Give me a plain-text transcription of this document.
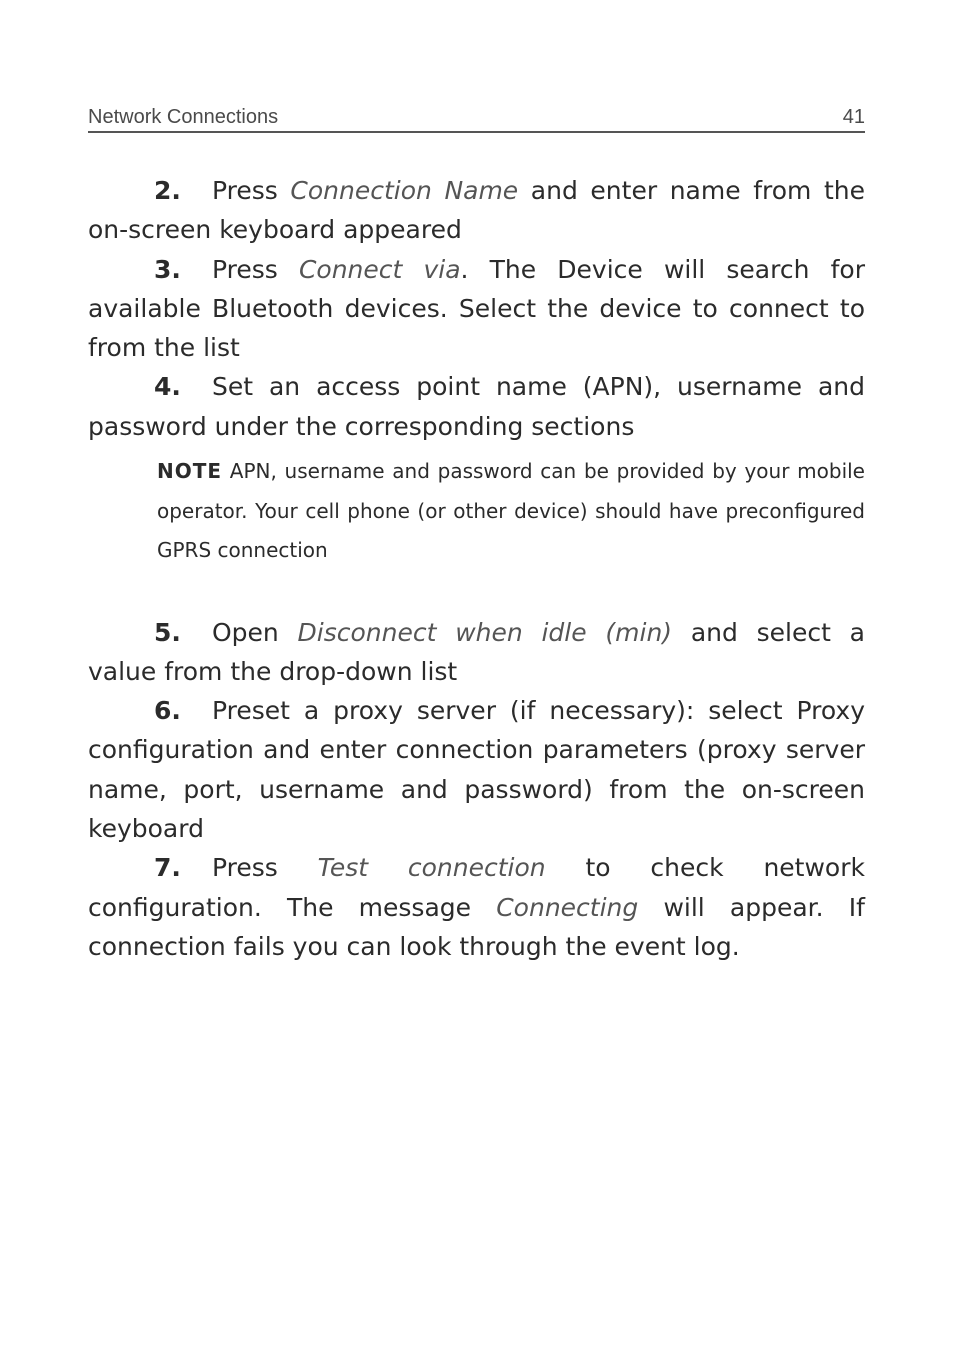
Network Connections	41

2. Press Connection Name and enter name from the on-screen keyboard appeared

3. Press Connect via. The Device will search for available Bluetooth devices. Select the device to connect to from the list

4. Set an access point name (APN), username and password under the corresponding sections

NOTE APN, username and password can be provided by your mobile operator. Your cell phone (or other device) should have preconfigured GPRS connection

5. Open Disconnect when idle (min) and select a value from the drop-down list

6. Preset a proxy server (if necessary): select Proxy configuration and enter connection parameters (proxy server name, port, username and password) from the on-screen keyboard

7. Press Test connection to check network configuration. The message Connecting will appear. If connection fails you can look through the event log.
